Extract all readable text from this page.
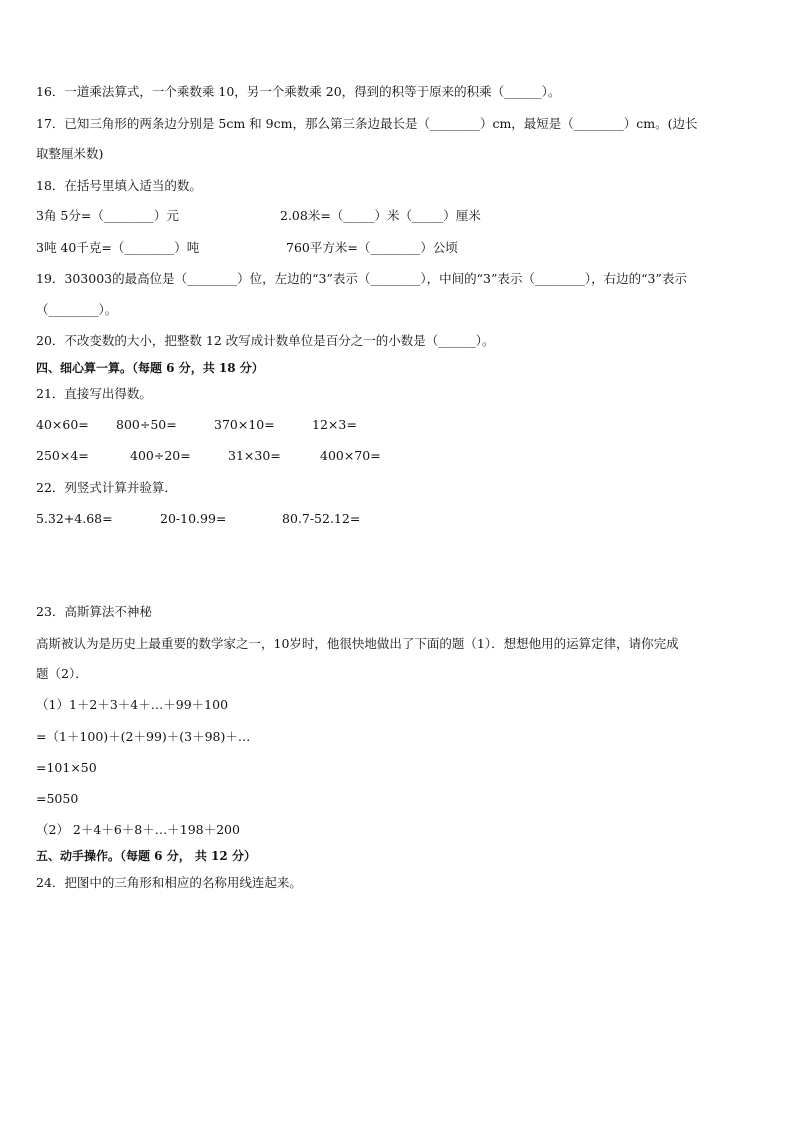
16．一道乘法算式，一个乘数乘 10，另一个乘数乘 20，得到的积等于原来的积乘（______）。
17．已知三角形的两条边分别是 5cm 和 9cm，那么第三条边最长是（________）cm，最短是（________）cm。(边长
取整厘米数)
18．在括号里填入适当的数。
3角 5分=（________）元	2.08米=（_____）米（_____）厘米
3吨 40千克=（________）吨	760平方米=（________）公顷
19．303003的最高位是（________）位，左边的“3”表示（________），中间的“3”表示（________），右边的“3”表示
（________）。
20．不改变数的大小，把整数 12 改写成计数单位是百分之一的小数是（______）。
四、细心算一算。（每题 6 分，共 18 分）
21．直接写出得数。
40×60= 800÷50=	370×10=	12×3=
250×4=	400÷20=	31×30=	400×70=
22．列竖式计算并验算．
5.32+4.68=	20-10.99=	80.7-52.12=
23．高斯算法不神秘
高斯被认为是历史上最重要的数学家之一，10岁时，他很快地做出了下面的题（1）．想想他用的运算定律，请你完成
题（2）．
（1）1＋2＋3＋4＋…＋99＋100
=（1＋100)＋(2＋99)＋(3＋98)＋…
=101×50
=5050
（2） 2＋4＋6＋8＋…＋198＋200
五、动手操作。（每题 6 分， 共 12 分）
24．把图中的三角形和相应的名称用线连起来。
